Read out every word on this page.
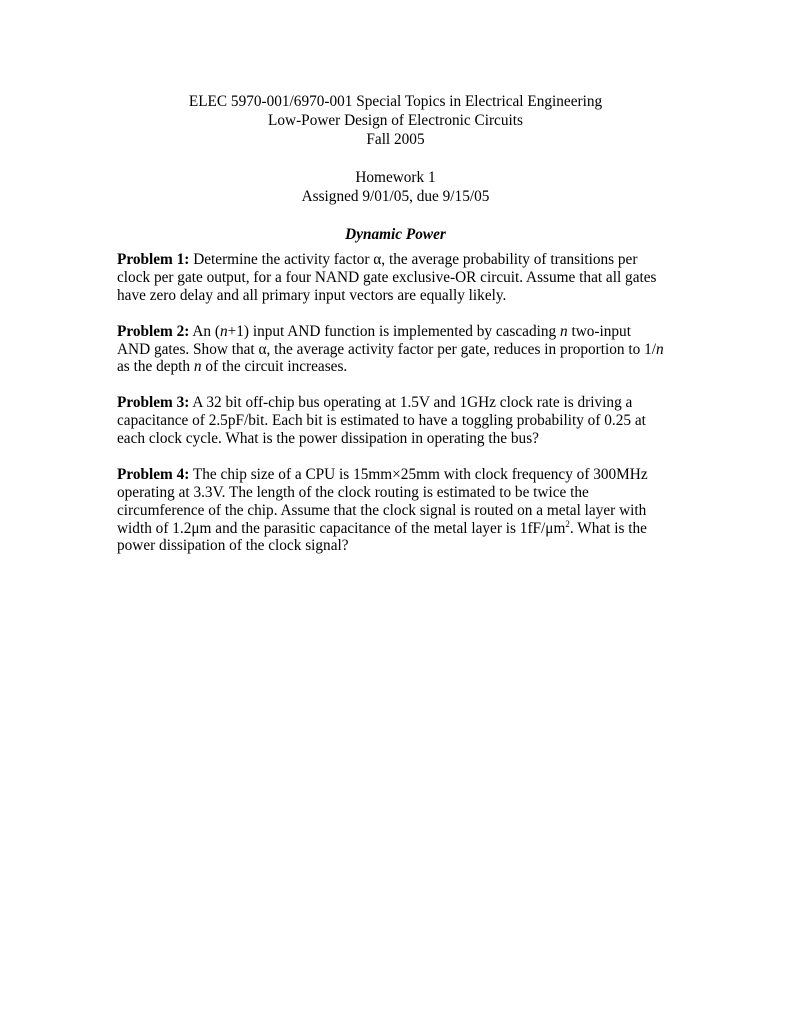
ELEC 5970-001/6970-001 Special Topics in Electrical Engineering
Low-Power Design of Electronic Circuits
Fall 2005
Homework 1
Assigned 9/01/05, due 9/15/05
Dynamic Power
Problem 1: Determine the activity factor α, the average probability of transitions per
clock per gate output, for a four NAND gate exclusive-OR circuit. Assume that all gates
have zero delay and all primary input vectors are equally likely.
Problem 2: An (n+1) input AND function is implemented by cascading n two-input
AND gates. Show that α, the average activity factor per gate, reduces in proportion to 1/n
as the depth n of the circuit increases.
Problem 3: A 32 bit off-chip bus operating at 1.5V and 1GHz clock rate is driving a
capacitance of 2.5pF/bit. Each bit is estimated to have a toggling probability of 0.25 at
each clock cycle. What is the power dissipation in operating the bus?
Problem 4: The chip size of a CPU is 15mm×25mm with clock frequency of 300MHz
operating at 3.3V. The length of the clock routing is estimated to be twice the
circumference of the chip. Assume that the clock signal is routed on a metal layer with
width of 1.2μm and the parasitic capacitance of the metal layer is $1fF/\mu m^2$. What is the
power dissipation of the clock signal?
